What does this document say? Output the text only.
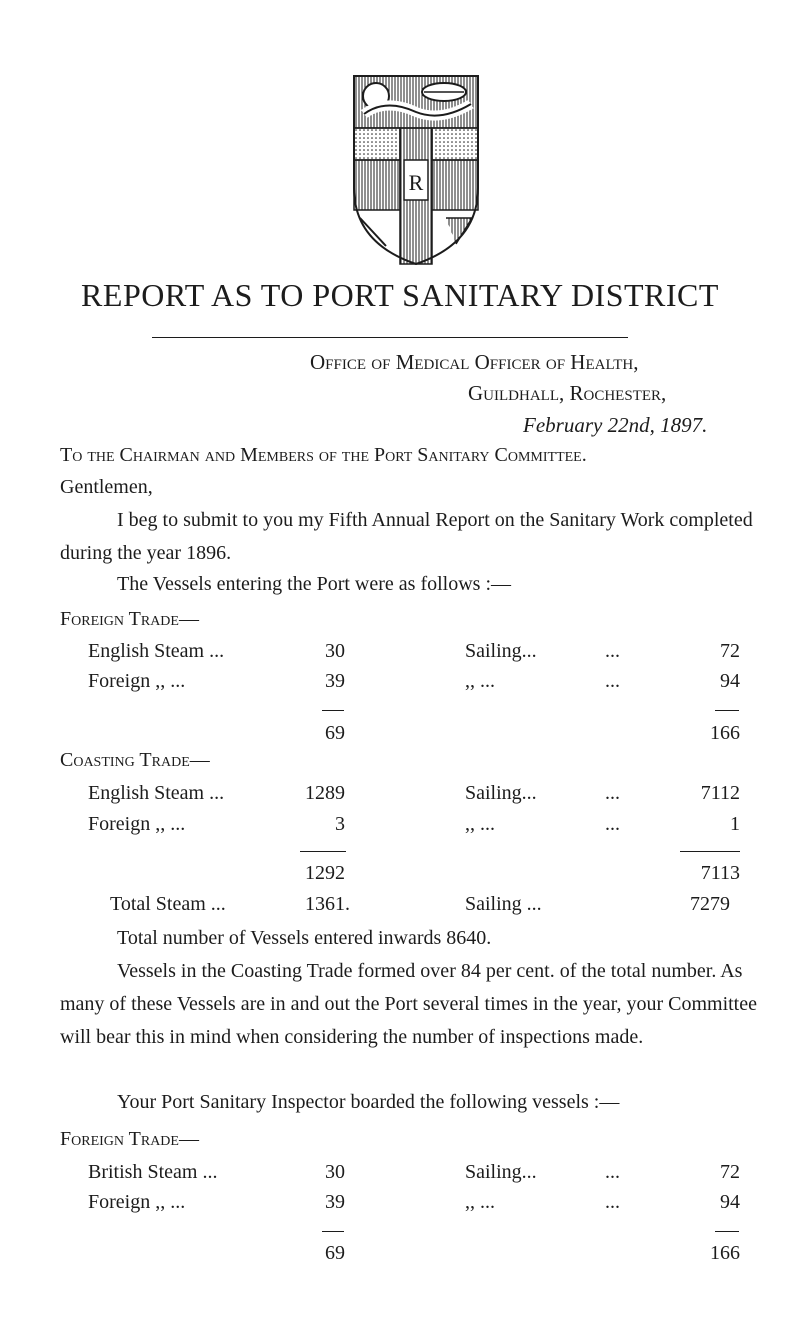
R
REPORT AS TO PORT SANITARY DISTRICT
Office of Medical Officer of Health,
Guildhall, Rochester,
February 22nd, 1897.
To the Chairman and Members of the Port Sanitary Committee.
Gentlemen,

I beg to submit to you my Fifth Annual Report on the Sanitary Work completed during the year 1896.

The Vessels entering the Port were as follows :—
Foreign Trade—
English Steam ...	30	Sailing...	...	72
Foreign ,, ...	39	,, ...	...	94
69	166
Coasting Trade—
English Steam ...	1289	Sailing...	...	7112
Foreign ,, ...	3	,, ...	...	1
1292	7113
Total Steam ...	1361.	Sailing ...	7279
Total number of Vessels entered inwards 8640.

Vessels in the Coasting Trade formed over 84 per cent. of the total number. As many of these Vessels are in and out the Port several times in the year, your Committee will bear this in mind when considering the number of inspections made.

Your Port Sanitary Inspector boarded the following vessels :—
Foreign Trade—
British Steam ...	30	Sailing...	...	72
Foreign ,, ...	39	,, ...	...	94
69	166
